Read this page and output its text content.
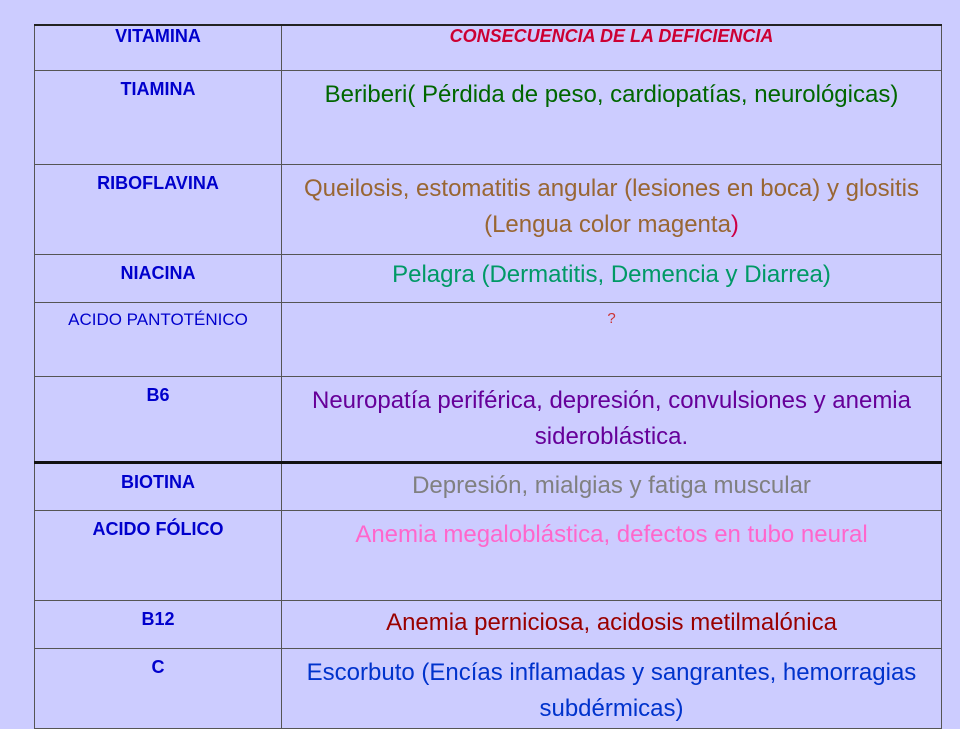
VITAMINA	CONSECUENCIA DE LA DEFICIENCIA

TIAMINA	Beriberi( Pérdida de peso, cardiopatías, neurológicas)

RIBOFLAVINA	Queilosis, estomatitis angular (lesiones en boca) y glositis (Lengua color magenta)

NIACINA	Pelagra (Dermatitis, Demencia y Diarrea)

ACIDO PANTOTÉNICO	?

B6	Neuropatía periférica, depresión, convulsiones y anemia sideroblástica.

BIOTINA	Depresión, mialgias y fatiga muscular

ACIDO FÓLICO	Anemia megaloblástica, defectos en tubo neural

B12	Anemia perniciosa, acidosis metilmalónica

C	Escorbuto (Encías inflamadas y sangrantes, hemorragias subdérmicas)
